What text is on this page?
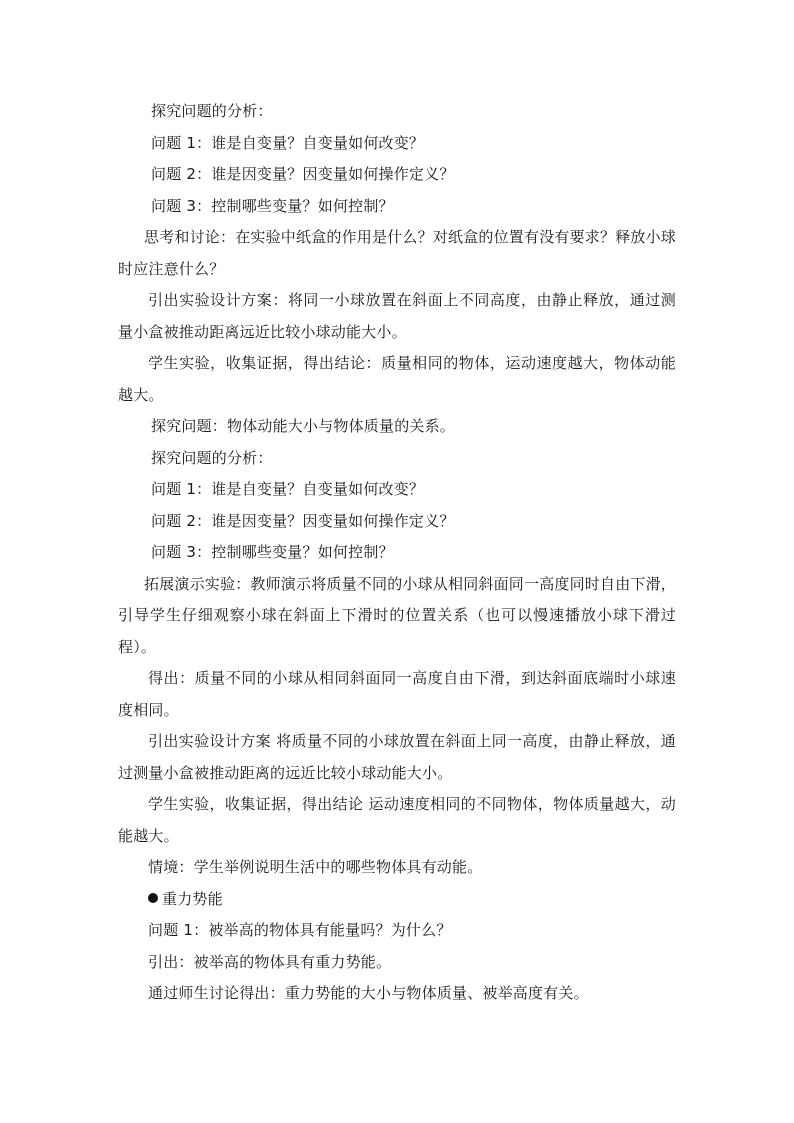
探究问题的分析：
问题 1：谁是自变量？自变量如何改变？
问题 2：谁是因变量？因变量如何操作定义？
问题 3：控制哪些变量？如何控制？
思考和讨论：在实验中纸盒的作用是什么？对纸盒的位置有没有要求？释放小球时应注意什么？
引出实验设计方案：将同一小球放置在斜面上不同高度，由静止释放，通过测量小盒被推动距离远近比较小球动能大小。
学生实验，收集证据，得出结论：质量相同的物体，运动速度越大，物体动能越大。
探究问题：物体动能大小与物体质量的关系。
探究问题的分析：
问题 1：谁是自变量？自变量如何改变？
问题 2：谁是因变量？因变量如何操作定义？
问题 3：控制哪些变量？如何控制？
拓展演示实验：教师演示将质量不同的小球从相同斜面同一高度同时自由下滑，引导学生仔细观察小球在斜面上下滑时的位置关系（也可以慢速播放小球下滑过程）。
得出：质量不同的小球从相同斜面同一高度自由下滑，到达斜面底端时小球速度相同。
引出实验设计方案 将质量不同的小球放置在斜面上同一高度，由静止释放，通过测量小盒被推动距离的远近比较小球动能大小。
学生实验，收集证据，得出结论 运动速度相同的不同物体，物体质量越大，动能越大。
情境：学生举例说明生活中的哪些物体具有动能。
重力势能
问题 1：被举高的物体具有能量吗？为什么？
引出：被举高的物体具有重力势能。
通过师生讨论得出：重力势能的大小与物体质量、被举高度有关。
